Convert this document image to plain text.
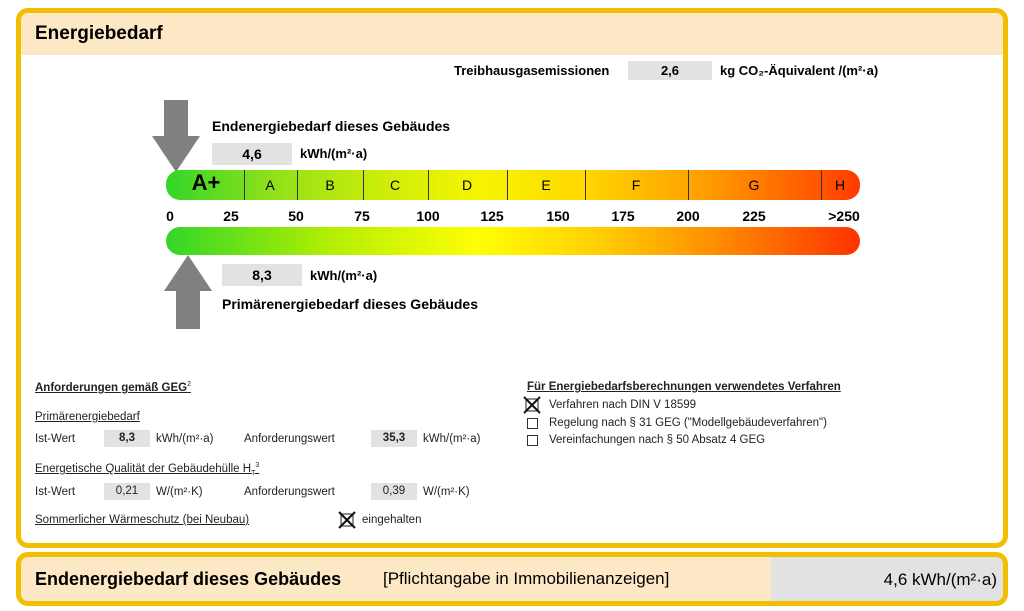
Energiebedarf
Treibhausgasemissionen	2,6	kg CO₂-Äquivalent /(m²·a)
Endenergiebedarf dieses Gebäudes
4,6	kWh/(m²·a)
A+	A	B	C	D	E	F	G	H
0	25	50	75	100	125	150	175	200	225	>250
8,3	kWh/(m²·a)
Primärenergiebedarf dieses Gebäudes
Anforderungen gemäß GEG$^2$
Primärenergiebedarf
Ist-Wert	8,3	kWh/(m²·a)	Anforderungswert	35,3	kWh/(m²·a)
Energetische Qualität der Gebäudehülle $H_T^3$
Ist-Wert	0,21	W/(m²·K)	Anforderungswert	0,39	W/(m²·K)
Sommerlicher Wärmeschutz (bei Neubau)	eingehalten
Für Energiebedarfsberechnungen verwendetes Verfahren
Verfahren nach DIN V 18599
Regelung nach § 31 GEG ("Modellgebäudeverfahren")
Vereinfachungen nach § 50 Absatz 4 GEG
Endenergiebedarf dieses Gebäudes [Pflichtangabe in Immobilienanzeigen]	4,6 kWh/(m²·a)
